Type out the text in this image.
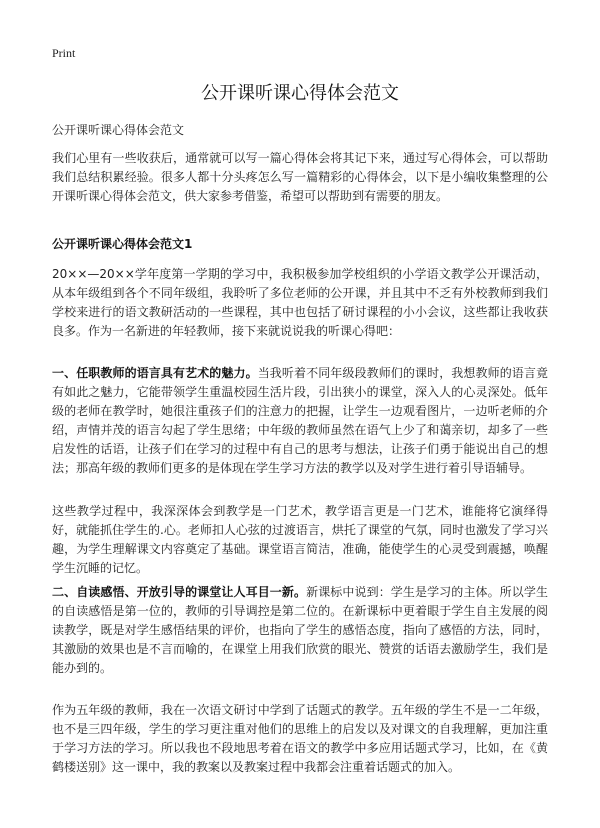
Print
公开课听课心得体会范文
公开课听课心得体会范文

我们心里有一些收获后，通常就可以写一篇心得体会将其记下来，通过写心得体会，可以帮助我们总结积累经验。很多人都十分头疼怎么写一篇精彩的心得体会，以下是小编收集整理的公开课听课心得体会范文，供大家参考借鉴，希望可以帮助到有需要的朋友。

公开课听课心得体会范文1

20××—20××学年度第一学期的学习中，我积极参加学校组织的小学语文教学公开课活动，从本年级组到各个不同年级组，我聆听了多位老师的公开课，并且其中不乏有外校教师到我们学校来进行的语文教研活动的一些课程，其中也包括了研讨课程的小小会议，这些都让我收获良多。作为一名新进的年轻教师，接下来就说说我的听课心得吧：

一、任职教师的语言具有艺术的魅力。当我听着不同年级段教师们的课时，我想教师的语言竟有如此之魅力，它能带领学生重温校园生活片段，引出狭小的课堂，深入人的心灵深处。低年级的老师在教学时，她很注重孩子们的注意力的把握，让学生一边观看图片，一边听老师的介绍，声情并茂的语言勾起了学生思绪；中年级的教师虽然在语气上少了和蔼亲切，却多了一些启发性的话语，让孩子们在学习的过程中有自己的思考与想法，让孩子们勇于能说出自己的想法；那高年级的教师们更多的是体现在学生学习方法的教学以及对学生进行着引导语辅导。

这些教学过程中，我深深体会到教学是一门艺术，教学语言更是一门艺术，谁能将它演绎得好，就能抓住学生的.心。老师扣人心弦的过渡语言，烘托了课堂的气氛，同时也激发了学习兴趣，为学生理解课文内容奠定了基础。课堂语言简洁，准确，能使学生的心灵受到震撼，唤醒学生沉睡的记忆。

二、自读感悟、开放引导的课堂让人耳目一新。新课标中说到：学生是学习的主体。所以学生的自读感悟是第一位的，教师的引导调控是第二位的。在新课标中更着眼于学生自主发展的阅读教学，既是对学生感悟结果的评价，也指向了学生的感悟态度，指向了感悟的方法，同时，其激励的效果也是不言而喻的，在课堂上用我们欣赏的眼光、赞赏的话语去激励学生，我们是能办到的。

作为五年级的教师，我在一次语文研讨中学到了话题式的教学。五年级的学生不是一二年级，也不是三四年级，学生的学习更注重对他们的思维上的启发以及对课文的自我理解，更加注重于学习方法的学习。所以我也不段地思考着在语文的教学中多应用话题式学习，比如，在《黄鹤楼送别》这一课中，我的教案以及教案过程中我都会注重着话题式的加入。
